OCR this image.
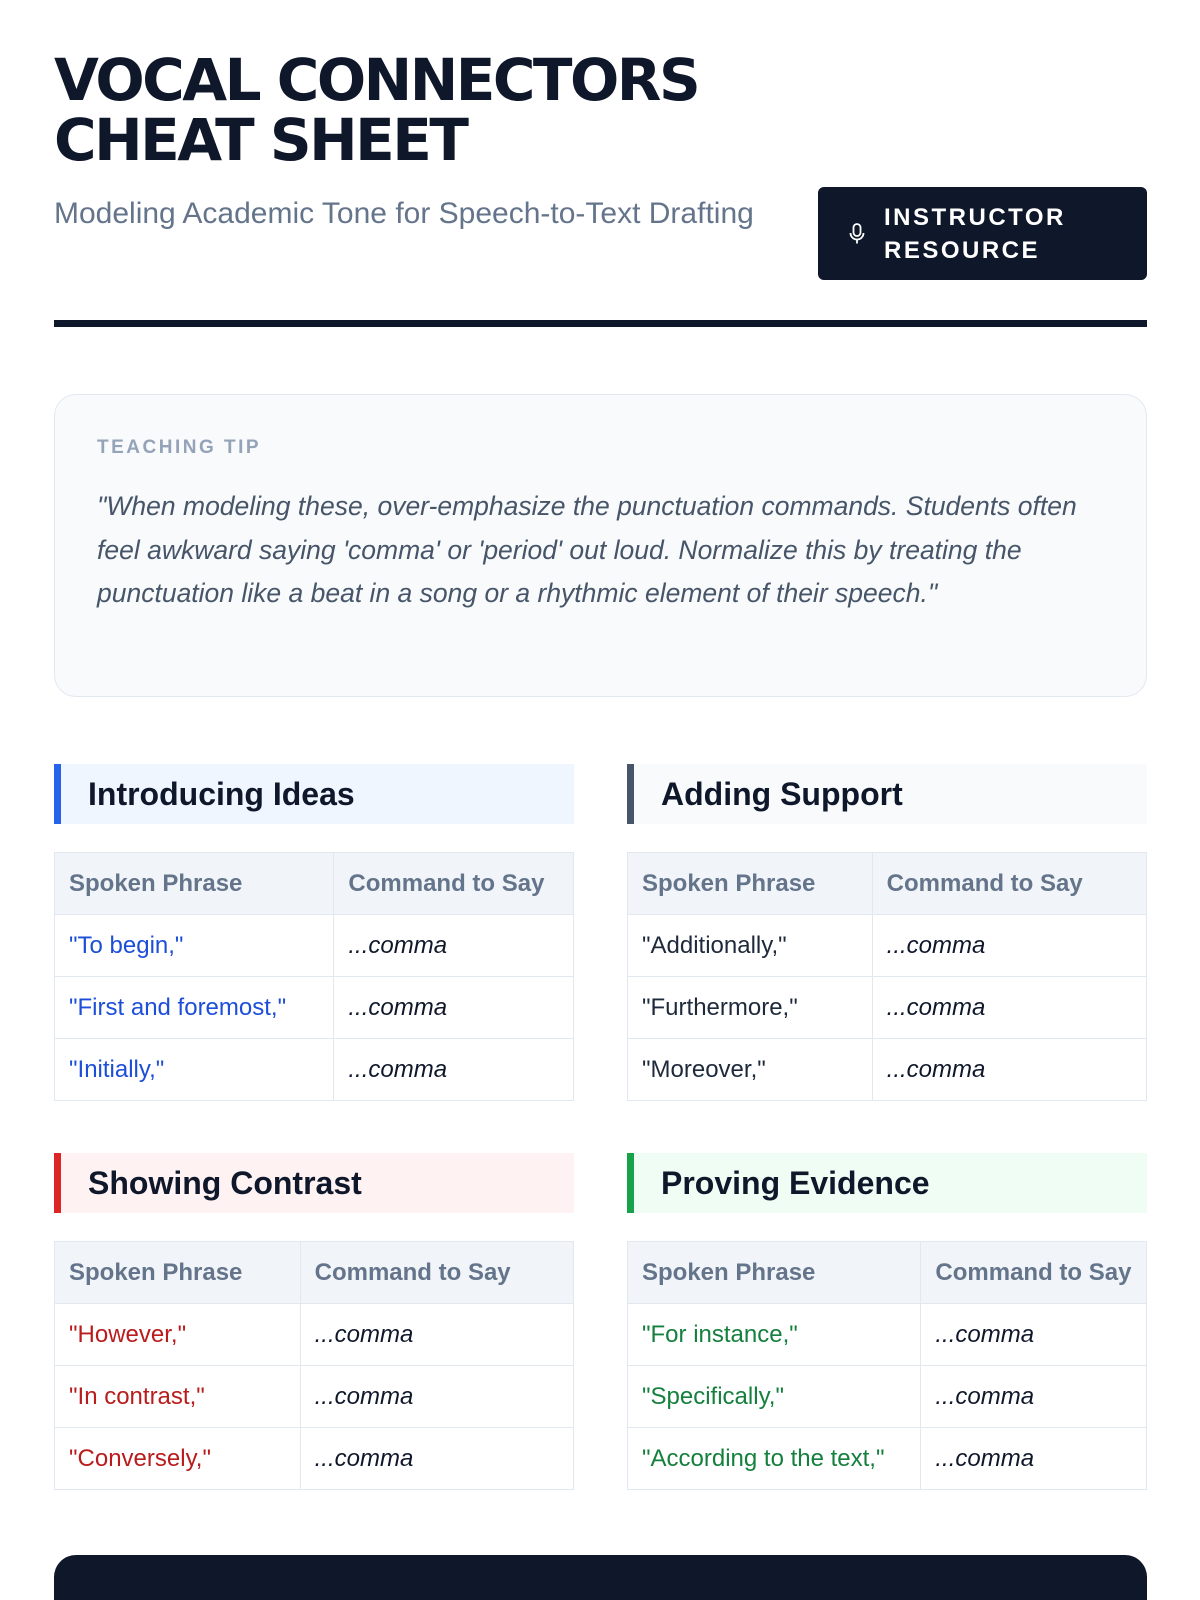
VOCAL CONNECTORS
CHEAT SHEET
Modeling Academic Tone for Speech-to-Text Drafting	INSTRUCTOR RESOURCE
TEACHING TIP
"When modeling these, over-emphasize the punctuation commands. Students often feel awkward saying 'comma' or 'period' out loud. Normalize this by treating the punctuation like a beat in a song or a rhythmic element of their speech."
Introducing Ideas
Spoken Phrase	Command to Say
"To begin,"	...comma
"First and foremost,"	...comma
"Initially,"	...comma
Adding Support
Spoken Phrase	Command to Say
"Additionally,"	...comma
"Furthermore,"	...comma
"Moreover,"	...comma
Showing Contrast
Spoken Phrase	Command to Say
"However,"	...comma
"In contrast,"	...comma
"Conversely,"	...comma
Proving Evidence
Spoken Phrase	Command to Say
"For instance,"	...comma
"Specifically,"	...comma
"According to the text,"	...comma
